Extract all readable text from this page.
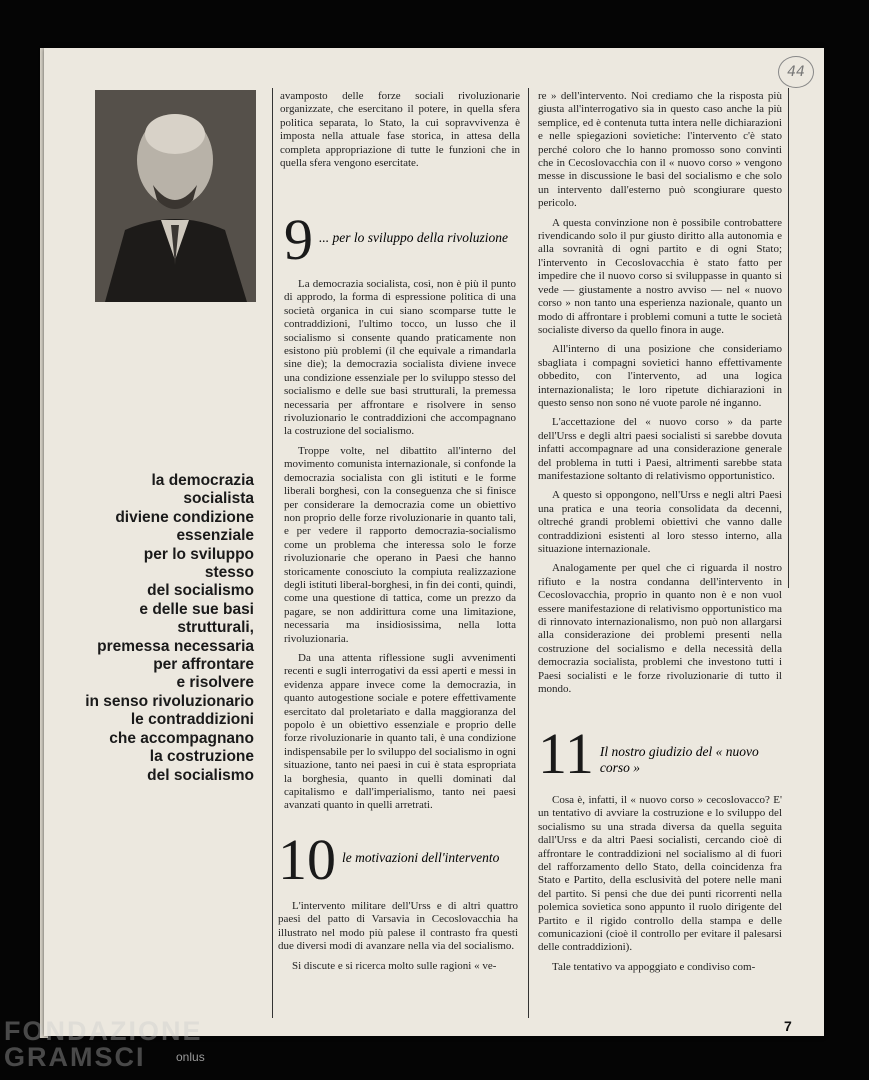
44
la democrazia
socialista
diviene condizione
essenziale
per lo sviluppo
stesso
del socialismo
e delle sue basi
strutturali,
premessa necessaria
per affrontare
e risolvere
in senso rivoluzionario
le contraddizioni
che accompagnano
la costruzione
del socialismo

avamposto delle forze sociali rivoluzionarie organizzate, che esercitano il potere, in quella sfera politica separata, lo Stato, la cui sopravvivenza è imposta nella attuale fase storica, in attesa della completa appropriazione di tutte le funzioni che in quella sfera vengono esercitate.

9 ... per lo sviluppo della rivoluzione

La democrazia socialista, così, non è più il punto di approdo, la forma di espressione politica di una società organica in cui siano scomparse tutte le contraddizioni, l'ultimo tocco, un lusso che il socialismo si consente quando praticamente non esistono più problemi (il che equivale a rimandarla sine die); la democrazia socialista diviene invece una condizione essenziale per lo sviluppo stesso del socialismo e delle sue basi strutturali, la premessa necessaria per affrontare e risolvere in senso rivoluzionario le contraddizioni che accompagnano la costruzione del socialismo.

Troppe volte, nel dibattito all'interno del movimento comunista internazionale, si confonde la democrazia socialista con gli istituti e le forme liberali borghesi, con la conseguenza che si finisce per considerare la democrazia come un obiettivo non proprio delle forze rivoluzionarie in quanto tali, e per vedere il rapporto democrazia-socialismo come un problema che interessa solo le forze rivoluzionarie che operano in Paesi che hanno storicamente conosciuto la compiuta realizzazione degli istituti liberal-borghesi, in fin dei conti, quindi, come una questione di tattica, come un prezzo da pagare, se non addirittura come una limitazione, necessaria ma insidiosissima, nella lotta rivoluzionaria.

Da una attenta riflessione sugli avvenimenti recenti e sugli interrogativi da essi aperti e messi in evidenza appare invece come la democrazia, in quanto autogestione sociale e potere effettivamente esercitato dal proletariato e dalla maggioranza del popolo è un obiettivo essenziale e proprio delle forze rivoluzionarie in quanto tali, è una condizione indispensabile per lo sviluppo del socialismo in ogni situazione, tanto nei paesi in cui è stata espropriata la borghesia, quanto in quelli dominati dal capitalismo e dall'imperialismo, tanto nei paesi avanzati quanto in quelli arretrati.

10 le motivazioni dell'intervento

L'intervento militare dell'Urss e di altri quattro paesi del patto di Varsavia in Cecoslovacchia ha illustrato nel modo più palese il contrasto fra questi due diversi modi di avanzare nella via del socialismo.

Si discute e si ricerca molto sulle ragioni « ve-

re » dell'intervento. Noi crediamo che la risposta più giusta all'interrogativo sia in questo caso anche la più semplice, ed è contenuta tutta intera nelle dichiarazioni e nelle spiegazioni sovietiche: l'intervento c'è stato perché coloro che lo hanno promosso sono convinti che in Cecoslovacchia con il « nuovo corso » vengono messe in discussione le basi del socialismo e che solo un intervento dall'esterno può scongiurare questo pericolo.

A questa convinzione non è possibile controbattere rivendicando solo il pur giusto diritto alla autonomia e alla sovranità di ogni partito e di ogni Stato; l'intervento in Cecoslovacchia è stato fatto per impedire che il nuovo corso si sviluppasse in quanto si vede — giustamente a nostro avviso — nel « nuovo corso » non tanto una esperienza nazionale, quanto un modo di affrontare i problemi comuni a tutte le società socialiste diverso da quello finora in auge.

All'interno di una posizione che consideriamo sbagliata i compagni sovietici hanno effettivamente obbedito, con l'intervento, ad una logica internazionalista; le loro ripetute dichiarazioni in questo senso non sono né vuote parole né inganno.

L'accettazione del « nuovo corso » da parte dell'Urss e degli altri paesi socialisti si sarebbe dovuta infatti accompagnare ad una considerazione generale del problema in tutti i Paesi, altrimenti sarebbe stata manifestazione soltanto di relativismo opportunistico.

A questo si oppongono, nell'Urss e negli altri Paesi una pratica e una teoria consolidata da decenni, oltreché grandi problemi obiettivi che vanno dalle contraddizioni esistenti al loro stesso interno, alla situazione internazionale.

Analogamente per quel che ci riguarda il nostro rifiuto e la nostra condanna dell'intervento in Cecoslovacchia, proprio in quanto non è e non vuol essere manifestazione di relativismo opportunistico ma di rinnovato internazionalismo, non può non allargarsi alla considerazione dei problemi presenti nella costruzione del socialismo e della necessità della democrazia socialista, problemi che investono tutti i Paesi socialisti e le forze rivoluzionarie di tutto il mondo.

11 Il nostro giudizio del « nuovo corso »

Cosa è, infatti, il « nuovo corso » cecoslovacco? E' un tentativo di avviare la costruzione e lo sviluppo del socialismo su una strada diversa da quella seguita dall'Urss e da altri Paesi socialisti, cercando cioè di affrontare le contraddizioni nel socialismo al di fuori del rafforzamento dello Stato, della coincidenza fra Stato e Partito, della esclusività del potere nelle mani del partito. Si pensi che due dei punti ricorrenti nella polemica sovietica sono appunto il ruolo dirigente del Partito e il rigido controllo della stampa e delle comunicazioni (cioè il controllo per evitare il palesarsi delle contraddizioni).

Tale tentativo va appoggiato e condiviso com-

7
FONDAZIONE
GRAMSCI	onlus
